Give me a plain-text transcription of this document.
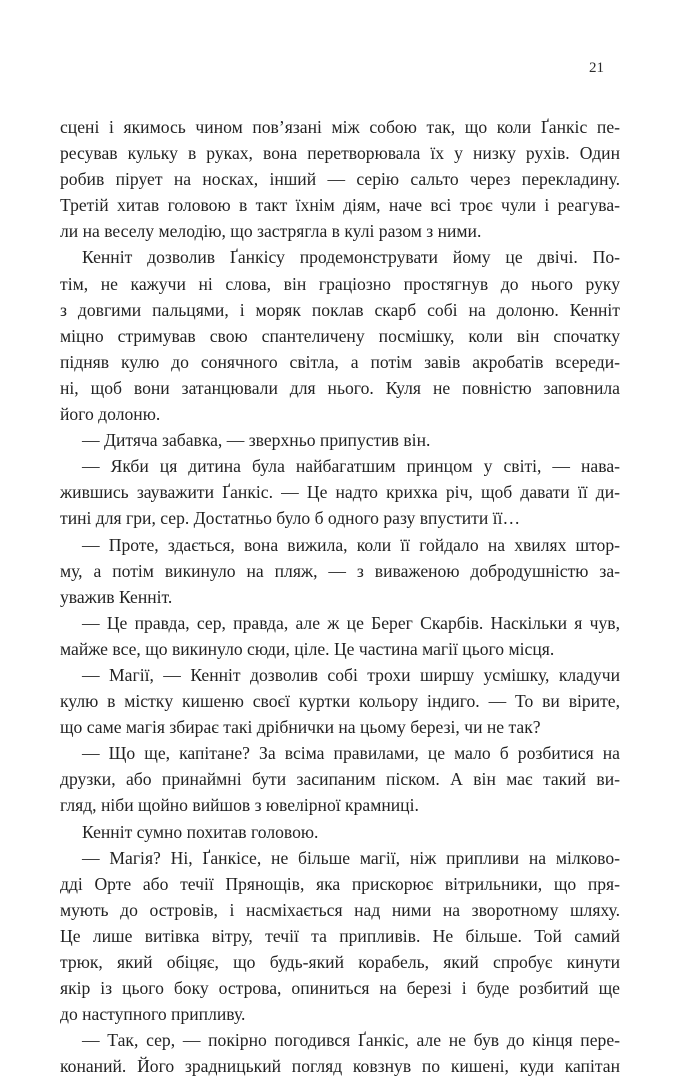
21
сцені і якимось чином пов’язані між собою так, що коли Ґанкіс пе-
ресував кульку в руках, вона перетворювала їх у низку рухів. Один
робив пірует на носках, інший — серію сальто через перекладину.
Третій хитав головою в такт їхнім діям, наче всі троє чули і реагува-
ли на веселу мелодію, що застрягла в кулі разом з ними.
Кенніт дозволив Ґанкісу продемонструвати йому це двічі. По-
тім, не кажучи ні слова, він граціозно простягнув до нього руку
з довгими пальцями, і моряк поклав скарб собі на долоню. Кенніт
міцно стримував свою спантеличену посмішку, коли він спочатку
підняв кулю до сонячного світла, а потім завів акробатів всереди-
ні, щоб вони затанцювали для нього. Куля не повністю заповнила
його долоню.
— Дитяча забавка, — зверхньо припустив він.
— Якби ця дитина була найбагатшим принцом у світі, — нава-
жившись зауважити Ґанкіс. — Це надто крихка річ, щоб давати її ди-
тині для гри, сер. Достатньо було б одного разу впустити її…
— Проте, здається, вона вижила, коли її гойдало на хвилях штор-
му, а потім викинуло на пляж, — з виваженою добродушністю за-
уважив Кенніт.
— Це правда, сер, правда, але ж це Берег Скарбів. Наскільки я чув,
майже все, що викинуло сюди, ціле. Це частина магії цього місця.
— Магії, — Кенніт дозволив собі трохи ширшу усмішку, кладучи
кулю в місткy кишеню своєї куртки кольору індиго. — То ви вірите,
що саме магія збирає такі дрібнички на цьому березі, чи не так?
— Що ще, капітане? За всіма правилами, це мало б розбитися на
друзки, або принаймні бути засипаним піском. А він має такий ви-
гляд, ніби щойно вийшов з ювелірної крамниці.
Кенніт сумно похитав головою.
— Магія? Ні, Ґанкісе, не більше магії, ніж припливи на мілково-
дді Орте або течії Прянощів, яка прискорює вітрильники, що пря-
мують до островів, і насміхається над ними на зворотному шляху.
Це лише витівка вітру, течії та припливів. Не більше. Той самий
трюк, який обіцяє, що будь-який корабель, який спробує кинути
якір із цього боку острова, опиниться на березі і буде розбитий ще
до наступного припливу.
— Так, сер, — покірно погодився Ґанкіс, але не був до кінця пере-
конаний. Його зрадницький погляд ковзнув по кишені, куди капітан
